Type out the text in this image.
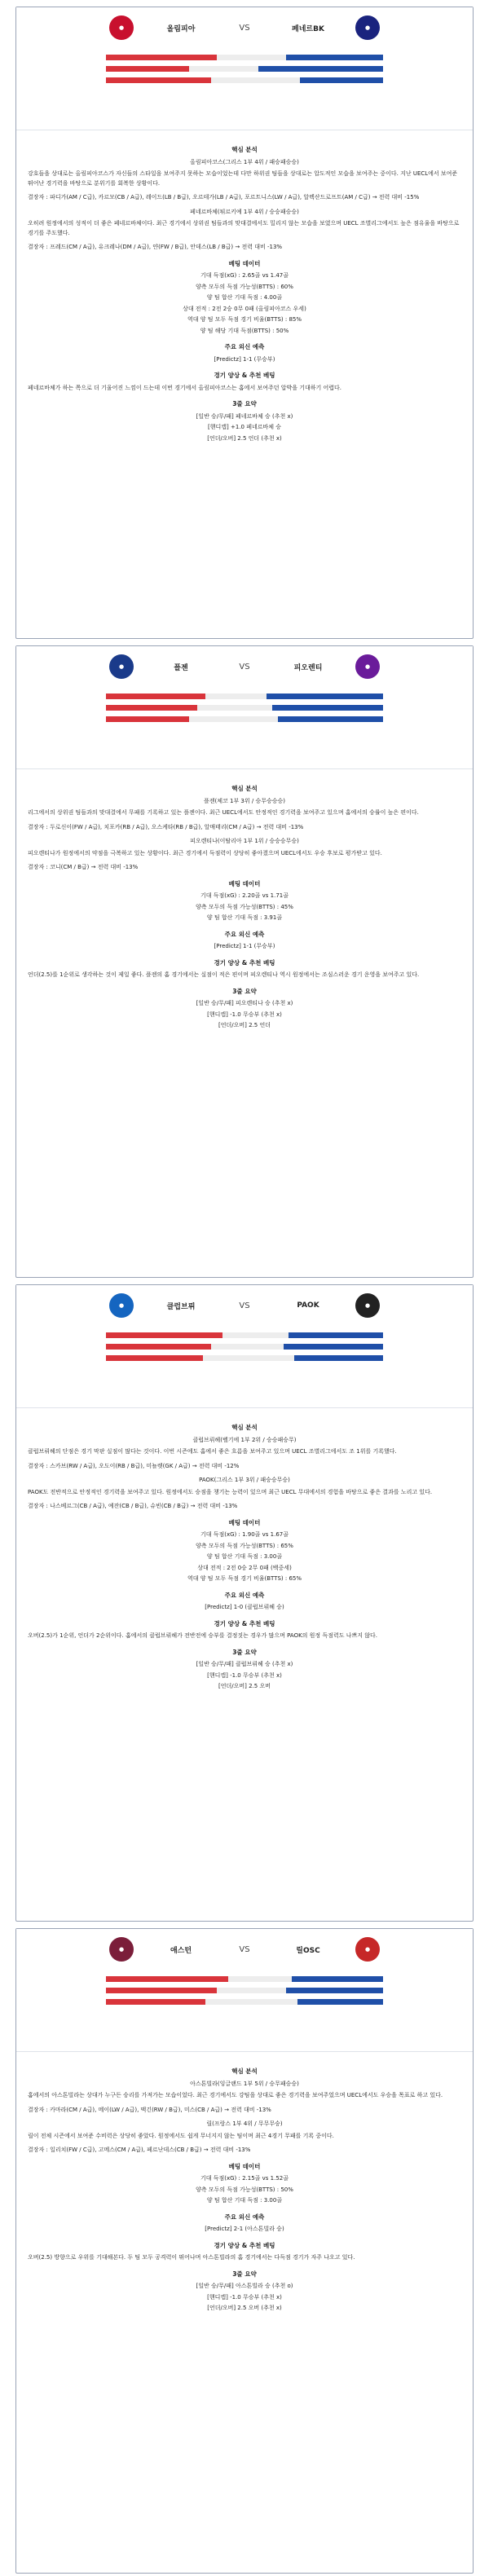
●	올림피아	VS	페네르BK	●
핵심 분석
올림피아코스(그리스 1부 4위 / 패승패승승)
강호들을 상대로는 올림피아코스가 자신들의 스타일을 보여주지 못하는 모습이었는데 다만 하위권 팀들을 상대로는 압도적인 모습을 보여주는 중이다. 지난 UECL에서 보여준 뛰어난 경기력을 바탕으로 분위기를 회복한 상황이다.
결장자 : 파디가(AM / C급), 카르모(CB / A급), 레이드(LB / B급), 오르테가(LB / A급), 포르트니스(LW / A급), 알렉산드로프트(AM / C급) → 전력 대비 -15%
페네르바체(튀르키예 1부 4위 / 승승패승승)
오히려 원정에서의 성적이 더 좋은 페네르바체이다. 최근 경기에서 상위권 팀들과의 맞대결에서도 밀리지 않는 모습을 보였으며 UECL 조별리그에서도 높은 점유율을 바탕으로 경기를 주도했다.
결장자 : 프레드(CM / A급), 유크레나(DM / A급), 얀(FW / B급), 안데스(LB / B급) → 전력 대비 -13%
베팅 데이터
기대 득점(xG) : 2.65골 vs 1.47골
양측 모두의 득점 가능성(BTTS) : 60%
양 팀 합산 기대 득점 : 4.00골
상대 전적 : 2전 2승 0무 0패 (올림피아코스 우세)
역대 양 팀 모두 득점 경기 비율(BTTS) : 85%
양 팀 해당 기대 득점(BTTS) : 50%
주요 외신 예측
[Predictz] 1-1 (무승부)
경기 양상 & 추천 베팅
페네르바체가 하는 쪽으로 더 기울어진 느낌이 드는데 이번 경기에서 올림피아코스는 홈에서 보여주던 압박을 기대하기 어렵다.
3줄 요약
[일반 승/무/패] 페네르바체 승 (추천 x)
[핸디캡] +1.0 페네르바체 승
[언더/오버] 2.5 언더 (추천 x)
●	플젠	VS	피오렌티	●
핵심 분석
플젠(체코 1부 3위 / 승무승승승)
리그에서의 상위권 팀들과의 맞대결에서 무패를 기록하고 있는 플젠이다. 최근 UECL에서도 안정적인 경기력을 보여주고 있으며 홈에서의 승률이 높은 편이다.
결장자 : 두로신이(FW / A급), 치포카(RB / A급), 오스케타(RB / B급), 알매태리(CM / A급) → 전력 대비 -13%
피오렌티나(이탈리아 1부 1위 / 승승승무승)
피오렌티나가 원정에서의 약점을 극복하고 있는 상황이다. 최근 경기에서 득점력이 상당히 좋아졌으며 UECL에서도 우승 후보로 평가받고 있다.
결장자 : 코니(CM / B급) → 전력 대비 -13%
베팅 데이터
기대 득점(xG) : 2.20골 vs 1.71골
양측 모두의 득점 가능성(BTTS) : 45%
양 팀 합산 기대 득점 : 3.91골
주요 외신 예측
[Predictz] 1-1 (무승부)
경기 양상 & 추천 베팅
언더(2.5)를 1순위로 생각하는 것이 제일 좋다. 플젠의 홈 경기에서는 실점이 적은 편이며 피오렌티나 역시 원정에서는 조심스러운 경기 운영을 보여주고 있다.
3줄 요약
[일반 승/무/패] 피오렌티나 승 (추천 x)
[핸디캡] -1.0 무승부 (추천 x)
[언더/오버] 2.5 언더
●	클럽브뤼	VS	PAOK	●
핵심 분석
클럽브뤼헤(벨기에 1부 2위 / 승승패승무)
클럽브뤼헤의 단점은 경기 막판 실점이 많다는 것이다. 이번 시즌에도 홈에서 좋은 흐름을 보여주고 있으며 UECL 조별리그에서도 조 1위를 기록했다.
결장자 : 스카브(RW / A급), 오도이(RB / B급), 미뇰렛(GK / A급) → 전력 대비 -12%
PAOK(그리스 1부 3위 / 패승승무승)
PAOK도 전반적으로 안정적인 경기력을 보여주고 있다. 원정에서도 승점을 챙기는 능력이 있으며 최근 UECL 무대에서의 경험을 바탕으로 좋은 결과를 노리고 있다.
결장자 : 나스베르그(CB / A급), 예잔(CB / B급), 슈빈(CB / B급) → 전력 대비 -13%
베팅 데이터
기대 득점(xG) : 1.90골 vs 1.67골
양측 모두의 득점 가능성(BTTS) : 65%
양 팀 합산 기대 득점 : 3.00골
상대 전적 : 2전 0승 2무 0패 (백중세)
역대 양 팀 모두 득점 경기 비율(BTTS) : 65%
주요 외신 예측
[Predictz] 1-0 (클럽브뤼헤 승)
경기 양상 & 추천 베팅
오버(2.5)가 1순위, 언더가 2순위이다. 홈에서의 클럽브뤼헤가 전반전에 승부를 결정짓는 경우가 많으며 PAOK의 원정 득점력도 나쁘지 않다.
3줄 요약
[일반 승/무/패] 클럽브뤼헤 승 (추천 x)
[핸디캡] -1.0 무승부 (추천 x)
[언더/오버] 2.5 오버
●	애스턴	VS	릴OSC	●
핵심 분석
아스톤빌라(잉글랜드 1부 5위 / 승무패승승)
홈에서의 아스톤빌라는 상대가 누구든 승리를 가져가는 모습이었다. 최근 경기에서도 강팀을 상대로 좋은 경기력을 보여주었으며 UECL에서도 우승을 목표로 하고 있다.
결장자 : 카마라(CM / A급), 메이(LW / A급), 맥긴(RW / B급), 미스(CB / A급) → 전력 대비 -13%
릴(프랑스 1부 4위 / 무무무승)
릴이 전체 시즌에서 보여준 수비력은 상당히 좋았다. 원정에서도 쉽게 무너지지 않는 팀이며 최근 4경기 무패를 기록 중이다.
결장자 : 일리치(FW / C급), 고메스(CM / A급), 페르난데스(CB / B급) → 전력 대비 -13%
베팅 데이터
기대 득점(xG) : 2.15골 vs 1.52골
양측 모두의 득점 가능성(BTTS) : 50%
양 팀 합산 기대 득점 : 3.00골
주요 외신 예측
[Predictz] 2-1 (아스톤빌라 승)
경기 양상 & 추천 베팅
오버(2.5) 방향으로 우위를 기대해본다. 두 팀 모두 공격력이 뛰어나며 아스톤빌라의 홈 경기에서는 다득점 경기가 자주 나오고 있다.
3줄 요약
[일반 승/무/패] 아스톤빌라 승 (추천 o)
[핸디캡] -1.0 무승부 (추천 x)
[언더/오버] 2.5 오버 (추천 x)
